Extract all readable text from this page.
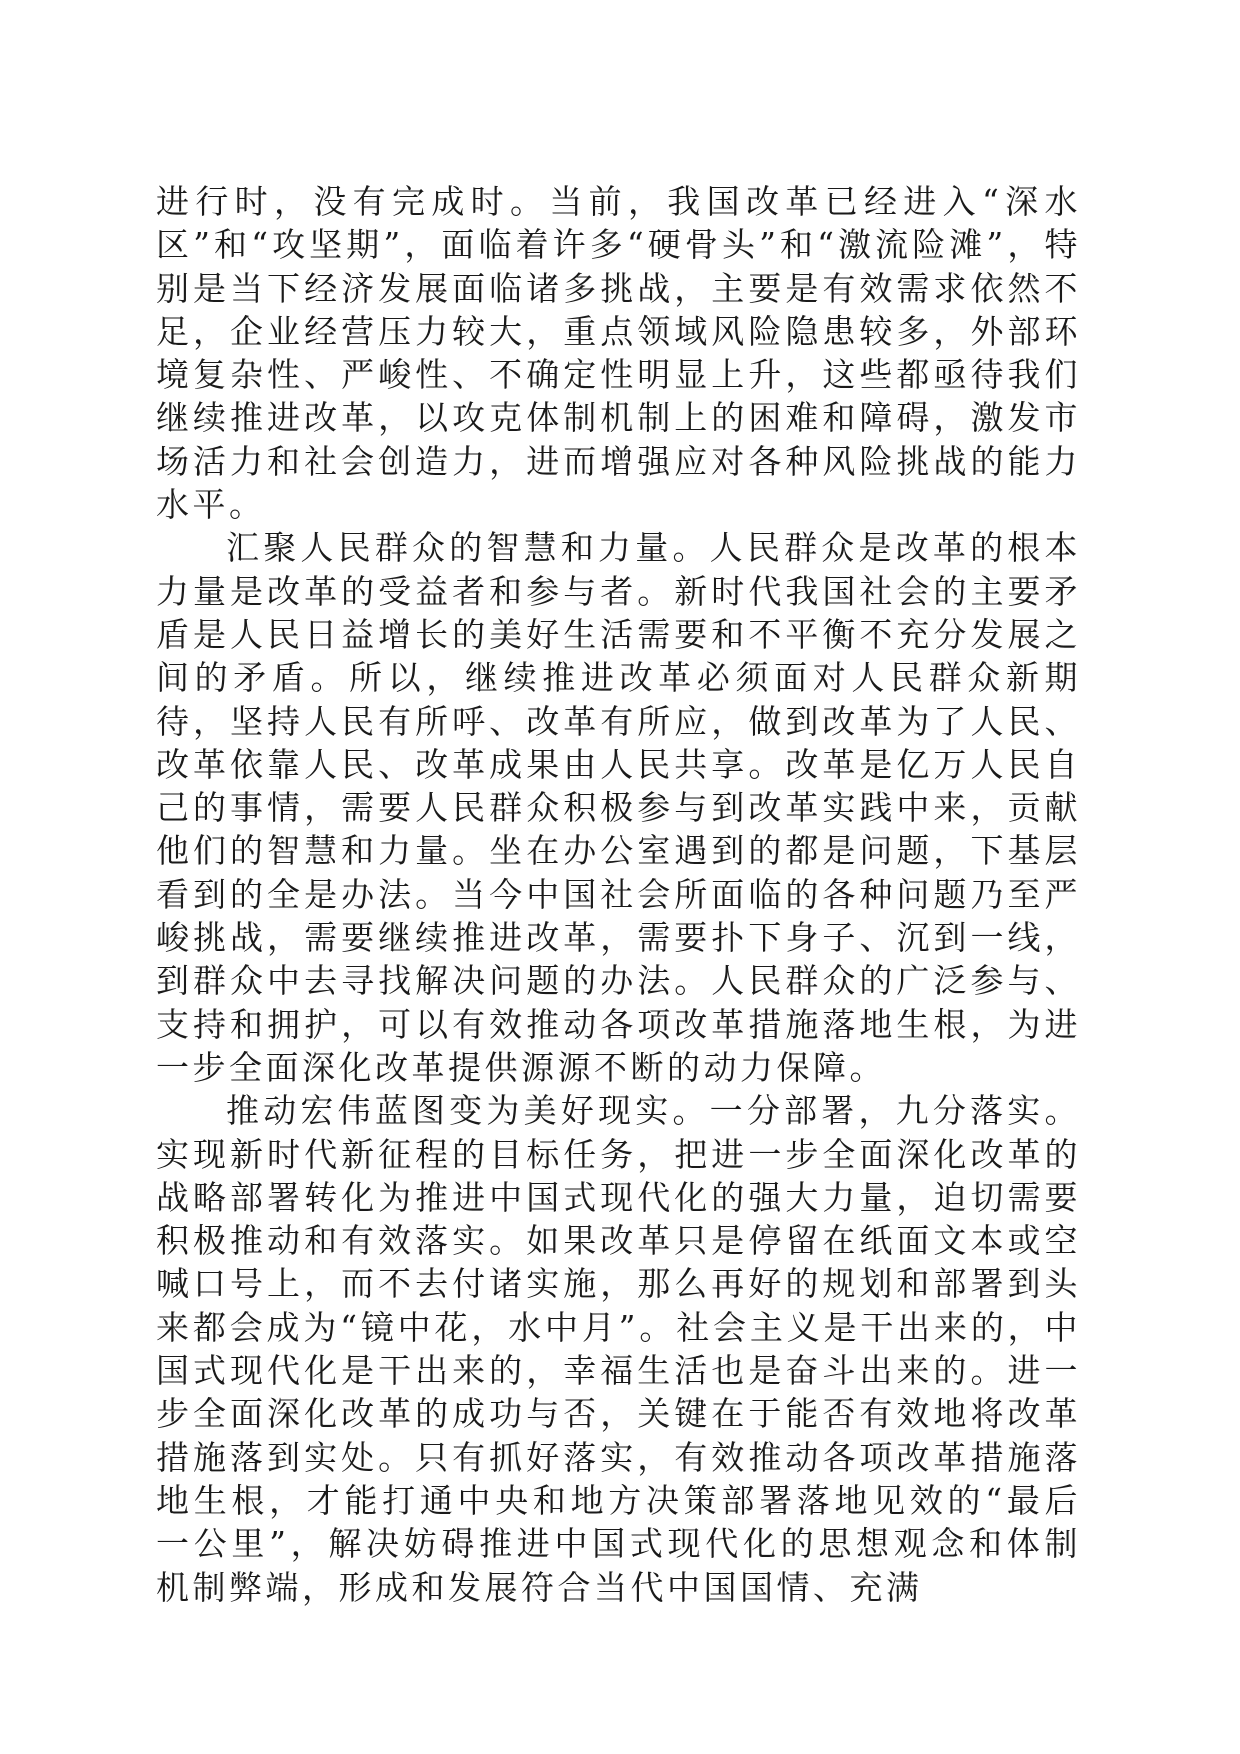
进行时，没有完成时。当前，我国改革已经进入“深水区”和“攻坚期”，面临着许多“硬骨头”和“激流险滩”，特别是当下经济发展面临诸多挑战，主要是有效需求依然不足，企业经营压力较大，重点领域风险隐患较多，外部环境复杂性、严峻性、不确定性明显上升，这些都亟待我们继续推进改革，以攻克体制机制上的困难和障碍，激发市场活力和社会创造力，进而增强应对各种风险挑战的能力水平。

汇聚人民群众的智慧和力量。人民群众是改革的根本力量是改革的受益者和参与者。新时代我国社会的主要矛盾是人民日益增长的美好生活需要和不平衡不充分发展之间的矛盾。所以，继续推进改革必须面对人民群众新期待，坚持人民有所呼、改革有所应，做到改革为了人民、改革依靠人民、改革成果由人民共享。改革是亿万人民自己的事情，需要人民群众积极参与到改革实践中来，贡献他们的智慧和力量。坐在办公室遇到的都是问题，下基层看到的全是办法。当今中国社会所面临的各种问题乃至严峻挑战，需要继续推进改革，需要扑下身子、沉到一线，到群众中去寻找解决问题的办法。人民群众的广泛参与、支持和拥护，可以有效推动各项改革措施落地生根，为进一步全面深化改革提供源源不断的动力保障。

推动宏伟蓝图变为美好现实。一分部署，九分落实。实现新时代新征程的目标任务，把进一步全面深化改革的战略部署转化为推进中国式现代化的强大力量，迫切需要积极推动和有效落实。如果改革只是停留在纸面文本或空喊口号上，而不去付诸实施，那么再好的规划和部署到头来都会成为“镜中花，水中月”。社会主义是干出来的，中国式现代化是干出来的，幸福生活也是奋斗出来的。进一步全面深化改革的成功与否，关键在于能否有效地将改革措施落到实处。只有抓好落实，有效推动各项改革措施落地生根，才能打通中央和地方决策部署落地见效的“最后一公里”，解决妨碍推进中国式现代化的思想观念和体制机制弊端，形成和发展符合当代中国国情、充满
